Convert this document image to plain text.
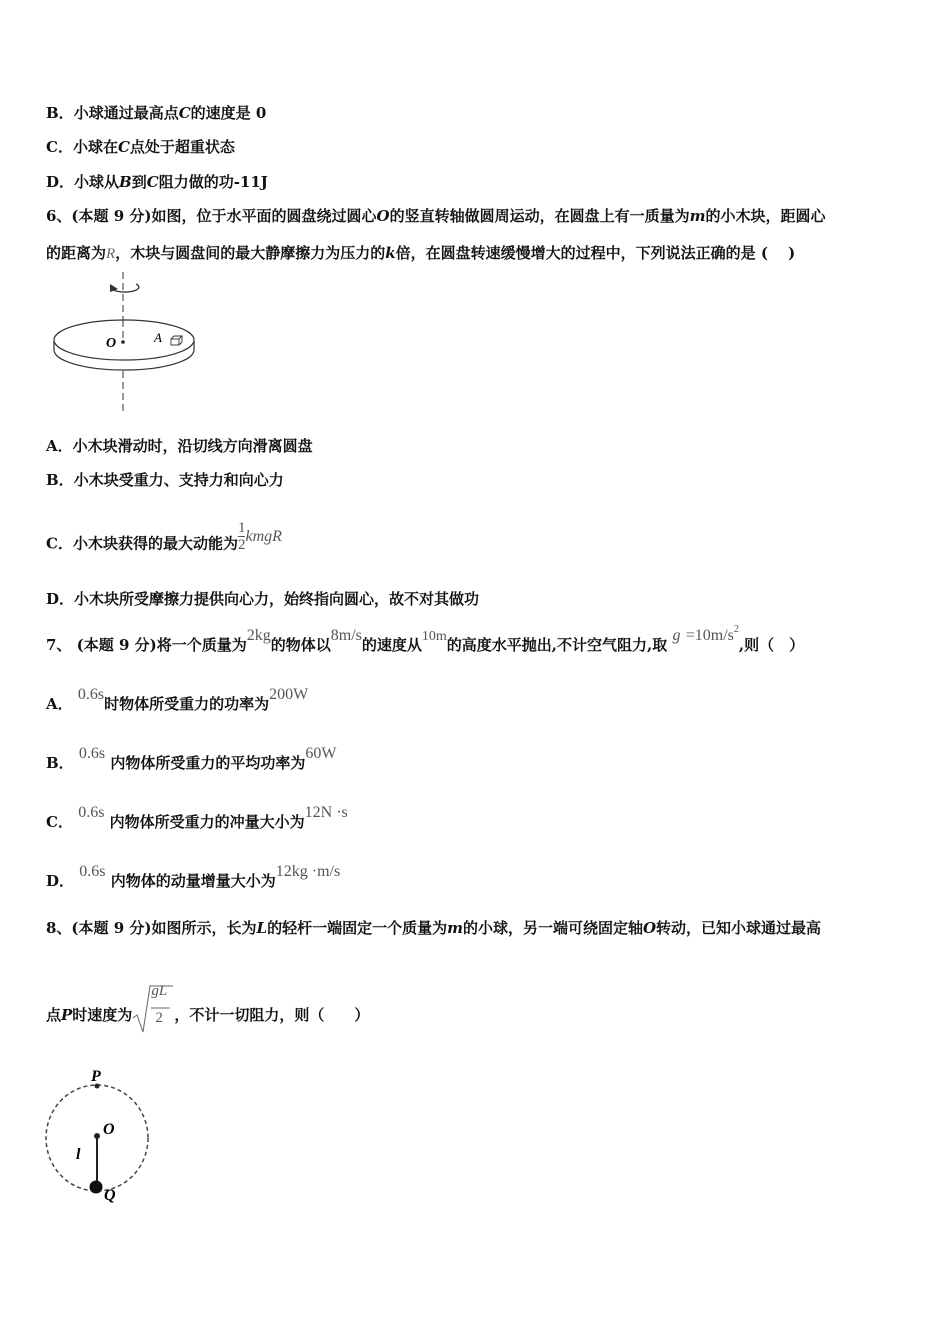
B．小球通过最高点C的速度是 0
C．小球在C点处于超重状态
D．小球从B到C阻力做的功-11J
6、(本题 9 分)如图，位于水平面的圆盘绕过圆心O的竖直转轴做圆周运动，在圆盘上有一质量为m的小木块，距圆心
的距离为R，木块与圆盘间的最大静摩擦力为压力的k倍，在圆盘转速缓慢增大的过程中，下列说法正确的是 (　 )
O	A
A．小木块滑动时，沿切线方向滑离圆盘
B．小木块受重力、支持力和向心力
C．小木块获得的最大动能为 $\frac{1}{2}$ kmgR
D．小木块所受摩擦力提供向心力，始终指向圆心，故不对其做功
7、 (本题 9 分)将一个质量为2kg的物体以8m/s的速度从10m的高度水平抛出,不计空气阻力,取 $g =10m/s^2$,则（　）
A． 0.6s时物体所受重力的功率为200W
B． 0.6s 内物体所受重力的平均功率为60W
C． 0.6s 内物体所受重力的冲量大小为12N ·s
D． 0.6s 内物体的动量增量大小为12kg ·m/s
8、(本题 9 分)如图所示，长为L的轻杆一端固定一个质量为m的小球，另一端可绕固定轴O转动，已知小球通过最高
点P时速度为
gL
2 ，不计一切阻力，则（　　）
P
O
l
Q
